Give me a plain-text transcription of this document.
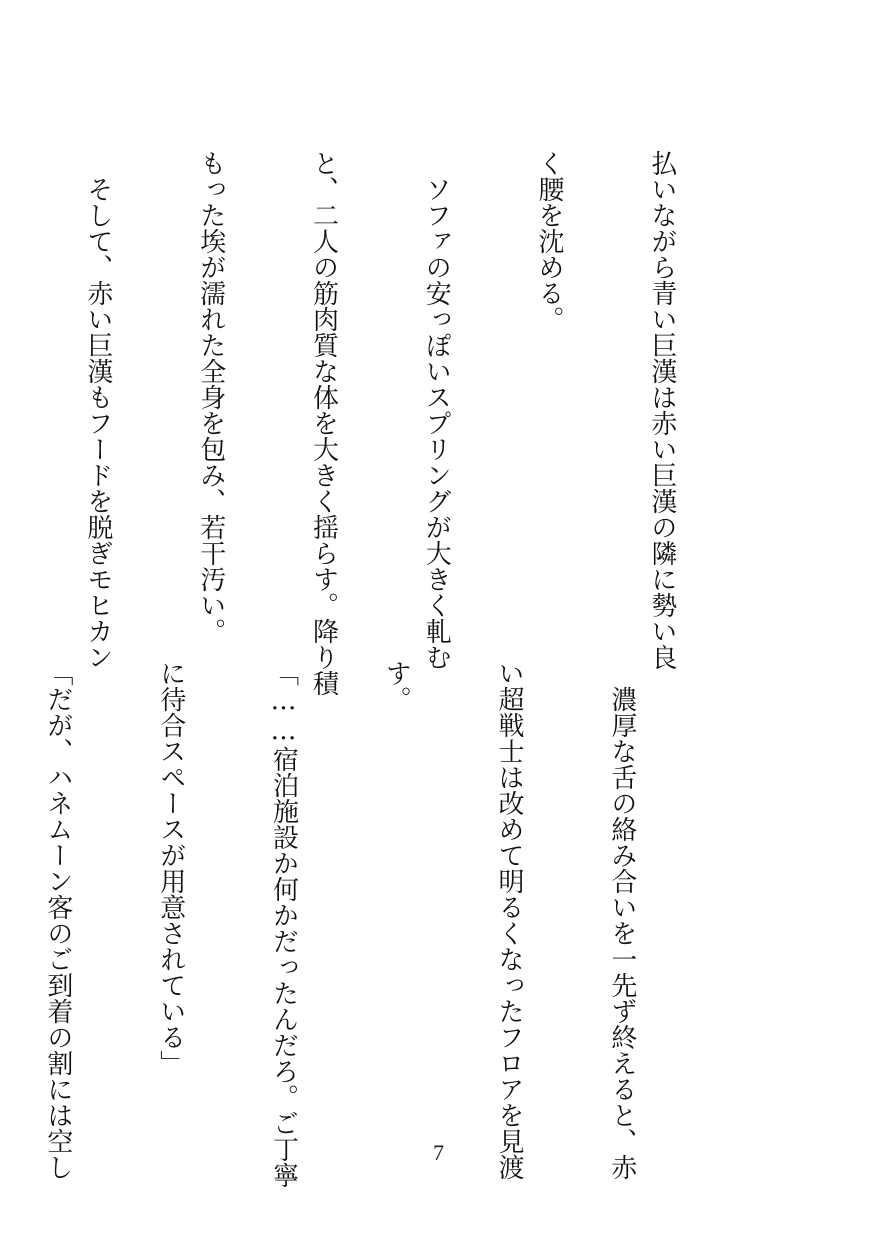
払いながら青い巨漢は赤い巨漢の隣に勢い良

く腰を沈める。

　ソファの安っぽいスプリングが大きく軋む

と、二人の筋肉質な体を大きく揺らす。降り積

もった埃が濡れた全身を包み、若干汚い。

　そして、赤い巨漢もフードを脱ぎモヒカン

　濃厚な舌の絡み合いを一先ず終えると、赤

い超戦士は改めて明るくなったフロアを見渡

す。

「……宿泊施設か何かだったんだろ。ご丁寧

に待合スペースが用意されている」

「だが、ハネムーン客のご到着の割には空し

	7
